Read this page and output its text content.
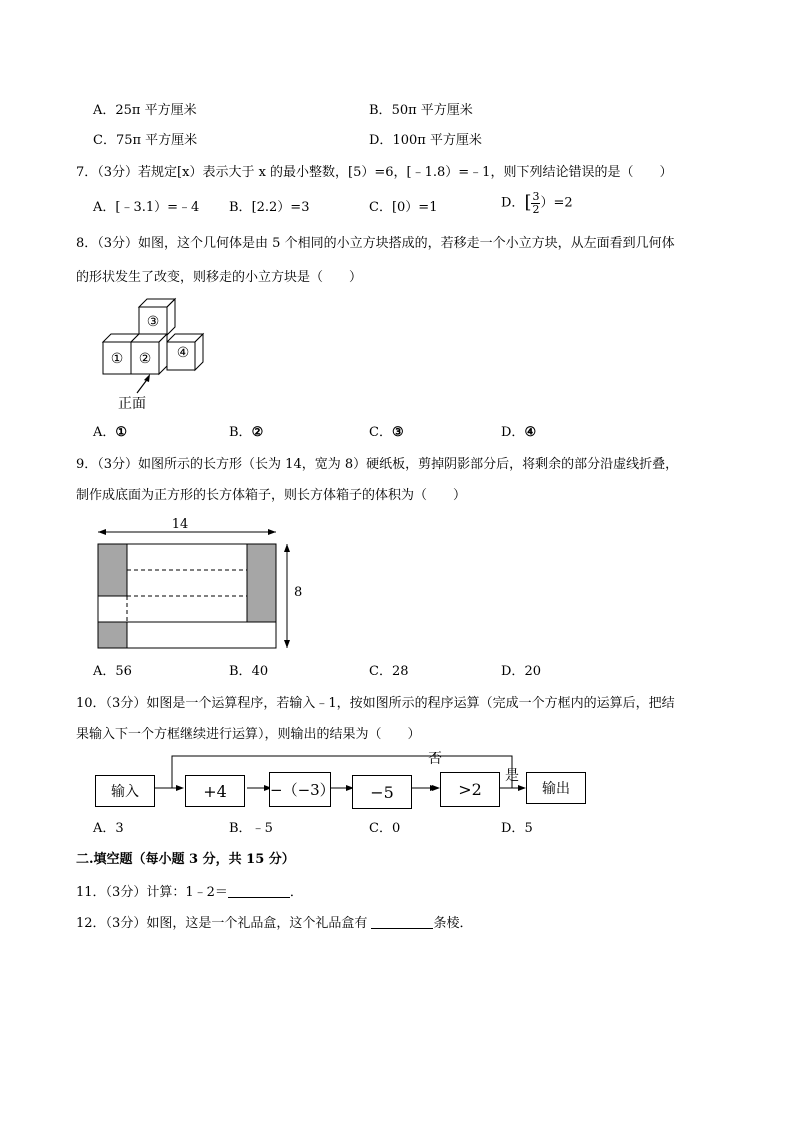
A．25π 平方厘米	B．50π 平方厘米
C．75π 平方厘米	D．100π 平方厘米
7．（3分）若规定[x）表示大于 x 的最小整数，[5）=6，[﹣1.8）=﹣1，则下列结论错误的是（　　）
A．[﹣3.1）=﹣4 B．[2.2）=3	C．[0）=1	D．[ $\frac{3}{2} )=2$
8．（3分）如图，这个几何体是由 5 个相同的小立方块搭成的，若移走一个小立方块，从左面看到几何体
的形状发生了改变，则移走的小立方块是（　　）
③
① ② ④
正面
A．①	B．②	C．③	D．④
9．（3分）如图所示的长方形（长为 14，宽为 8）硬纸板，剪掉阴影部分后，将剩余的部分沿虚线折叠，
制作成底面为正方形的长方体箱子，则长方体箱子的体积为（　　）
14
8
A．56	B．40	C．28	D．20
10．（3分）如图是一个运算程序，若输入﹣1，按如图所示的程序运算（完成一个方框内的运算后，把结
果输入下一个方框继续进行运算），则输出的结果为（　　）
输入	+4	−（−3）	−5	>2	输出
是
否
A．3	B．﹣5	C．0	D．5
二.填空题（每小题 3 分，共 15 分）
11．（3分）计算：1﹣2＝	．
12．（3分）如图，这是一个礼品盒，这个礼品盒有	条棱．
